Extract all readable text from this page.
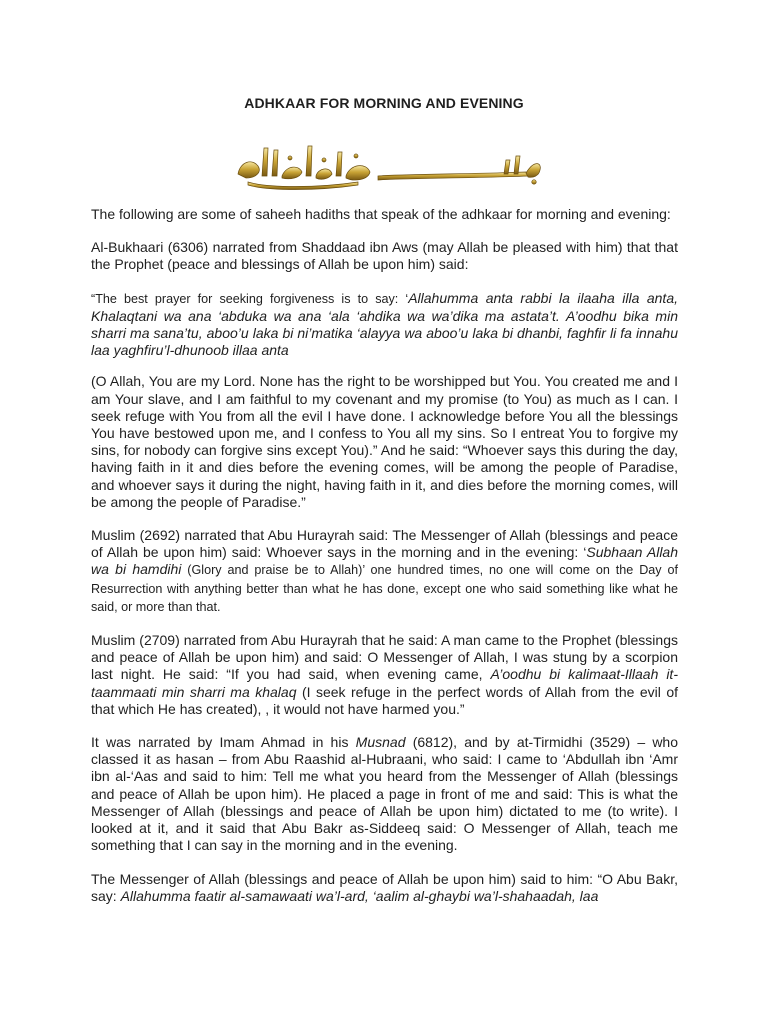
ADHKAAR FOR MORNING AND EVENING

The following are some of saheeh hadiths that speak of the adhkaar for morning and evening:

Al-Bukhaari (6306) narrated from Shaddaad ibn Aws (may Allah be pleased with him) that that the Prophet (peace and blessings of Allah be upon him) said:

“The best prayer for seeking forgiveness is to say: ‘Allahumma anta rabbi la ilaaha illa anta, Khalaqtani wa ana ‘abduka wa ana ‘ala ‘ahdika wa wa’dika ma astata’t. A’oodhu bika min sharri ma sana’tu, aboo’u laka bi ni’matika ‘alayya wa aboo’u laka bi dhanbi, faghfir li fa innahu laa yaghfiru’l-dhunoob illaa anta

(O Allah, You are my Lord. None has the right to be worshipped but You. You created me and I am Your slave, and I am faithful to my covenant and my promise (to You) as much as I can. I seek refuge with You from all the evil I have done. I acknowledge before You all the blessings You have bestowed upon me, and I confess to You all my sins. So I entreat You to forgive my sins, for nobody can forgive sins except You).” And he said: “Whoever says this during the day, having faith in it and dies before the evening comes, will be among the people of Paradise, and whoever says it during the night, having faith in it, and dies before the morning comes, will be among the people of Paradise.”

Muslim (2692) narrated that Abu Hurayrah said: The Messenger of Allah (blessings and peace of Allah be upon him) said: Whoever says in the morning and in the evening: ‘Subhaan Allah wa bi hamdihi (Glory and praise be to Allah)’ one hundred times, no one will come on the Day of Resurrection with anything better than what he has done, except one who said something like what he said, or more than that.

Muslim (2709) narrated from Abu Hurayrah that he said: A man came to the Prophet (blessings and peace of Allah be upon him) and said: O Messenger of Allah, I was stung by a scorpion last night. He said: “If you had said, when evening came, A’oodhu bi kalimaat-Illaah it-taammaati min sharri ma khalaq (I seek refuge in the perfect words of Allah from the evil of that which He has created), , it would not have harmed you.”

It was narrated by Imam Ahmad in his Musnad (6812), and by at-Tirmidhi (3529) – who classed it as hasan – from Abu Raashid al-Hubraani, who said: I came to ‘Abdullah ibn ‘Amr ibn al-‘Aas and said to him: Tell me what you heard from the Messenger of Allah (blessings and peace of Allah be upon him). He placed a page in front of me and said: This is what the Messenger of Allah (blessings and peace of Allah be upon him) dictated to me (to write). I looked at it, and it said that Abu Bakr as-Siddeeq said: O Messenger of Allah, teach me something that I can say in the morning and in the evening.

The Messenger of Allah (blessings and peace of Allah be upon him) said to him: “O Abu Bakr, say: Allahumma faatir al-samawaati wa’l-ard, ‘aalim al-ghaybi wa’l-shahaadah, laa
